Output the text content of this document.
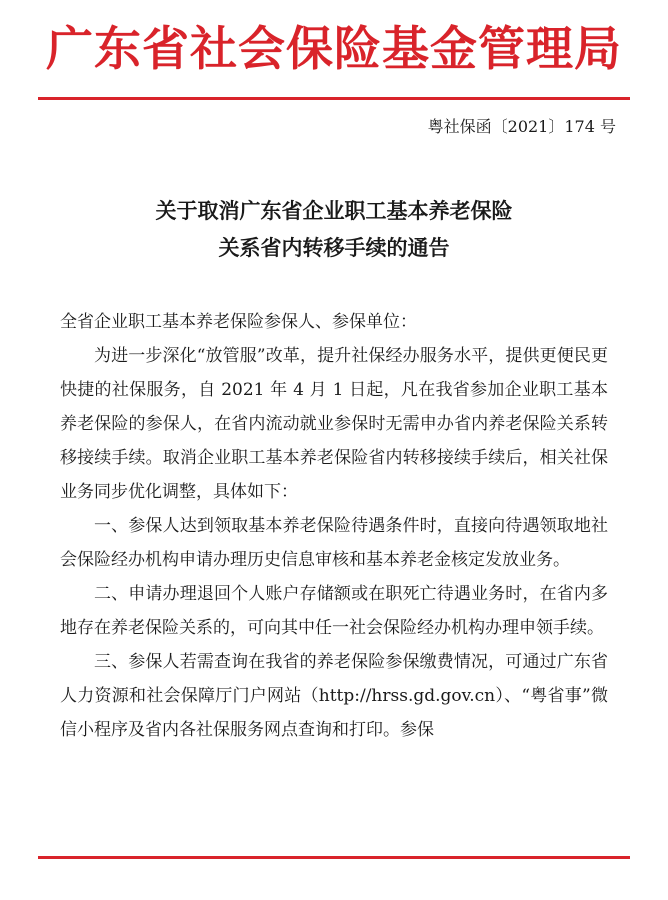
广东省社会保险基金管理局
粤社保函〔2021〕174 号
关于取消广东省企业职工基本养老保险
关系省内转移手续的通告

全省企业职工基本养老保险参保人、参保单位：

为进一步深化“放管服”改革，提升社保经办服务水平，提供更便民更快捷的社保服务，自 2021 年 4 月 1 日起，凡在我省参加企业职工基本养老保险的参保人，在省内流动就业参保时无需申办省内养老保险关系转移接续手续。取消企业职工基本养老保险省内转移接续手续后，相关社保业务同步优化调整，具体如下：

一、参保人达到领取基本养老保险待遇条件时，直接向待遇领取地社会保险经办机构申请办理历史信息审核和基本养老金核定发放业务。

二、申请办理退回个人账户存储额或在职死亡待遇业务时，在省内多地存在养老保险关系的，可向其中任一社会保险经办机构办理申领手续。

三、参保人若需查询在我省的养老保险参保缴费情况，可通过广东省人力资源和社会保障厅门户网站（http://hrss.gd.gov.cn）、“粤省事”微信小程序及省内各社保服务网点查询和打印。参保
